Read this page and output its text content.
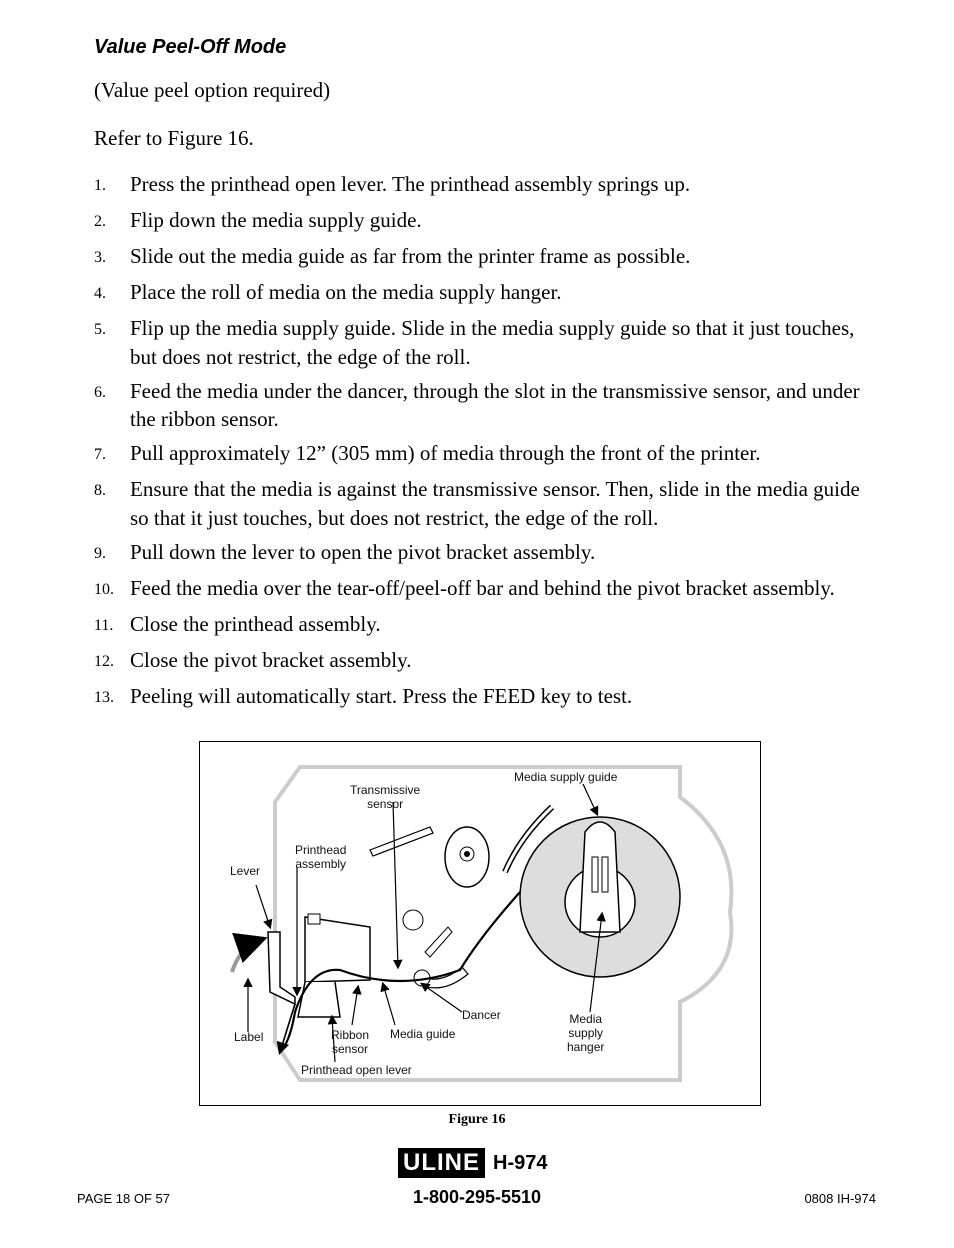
Value Peel-Off Mode

(Value peel option required)

Refer to Figure 16.

1.	Press the printhead open lever. The printhead assembly springs up.
2.	Flip down the media supply guide.
3.	Slide out the media guide as far from the printer frame as possible.
4.	Place the roll of media on the media supply hanger.
5.	Flip up the media supply guide. Slide in the media supply guide so that it just touches, but does not restrict, the edge of the roll.
6.	Feed the media under the dancer, through the slot in the transmissive sensor, and under the ribbon sensor.
7.	Pull approximately 12” (305 mm) of media through the front of the printer.
8.	Ensure that the media is against the transmissive sensor. Then, slide in the media guide so that it just touches, but does not restrict, the edge of the roll.
9.	Pull down the lever to open the pivot bracket assembly.
10. Feed the media over the tear-off/peel-off bar and behind the pivot bracket assembly.
11. Close the printhead assembly.
12. Close the pivot bracket assembly.
13. Peeling will automatically start. Press the FEED key to test.
Transmissive
sensor
Media supply guide
Printhead
assembly
Lever
Label	Ribbon
sensor
Media guide
Dancer	Media
supply
hanger
Printhead open lever

Figure 16

ULINE H-974
1-800-295-5510
PAGE 18 OF 57	0808 IH-974
